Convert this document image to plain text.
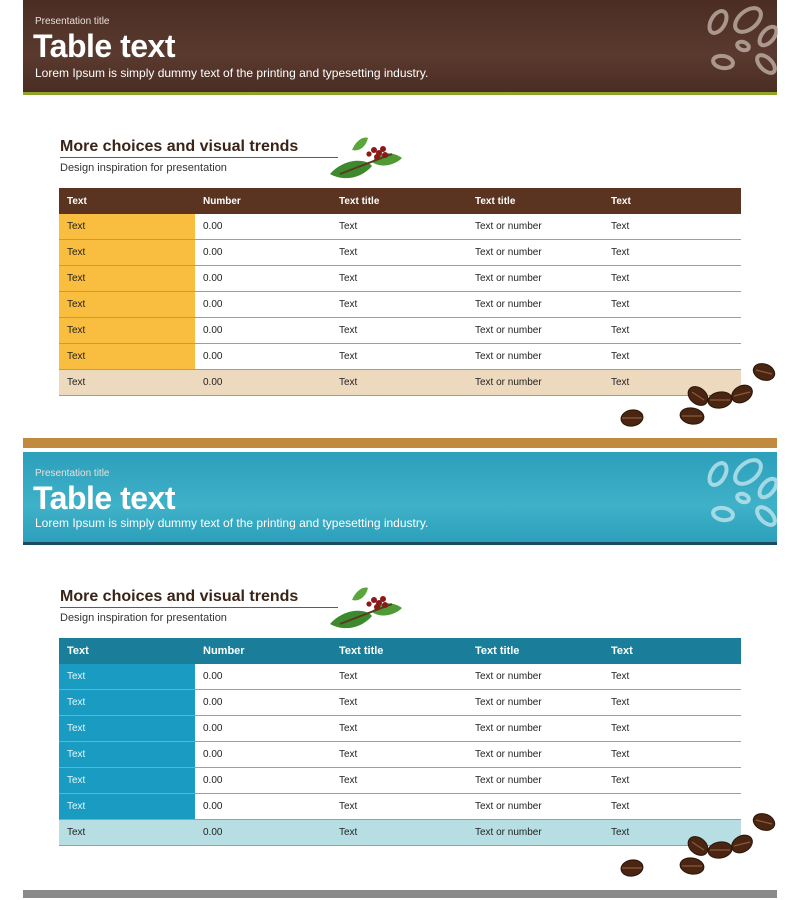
Presentation title
Table text
Lorem Ipsum is simply dummy text of the printing and typesetting industry.
More choices and visual trends
Design inspiration for presentation
Text	Number	Text title	Text title	Text
Text	0.00	Text	Text or number	Text
Text	0.00	Text	Text or number	Text
Text	0.00	Text	Text or number	Text
Text	0.00	Text	Text or number	Text
Text	0.00	Text	Text or number	Text
Text	0.00	Text	Text or number	Text
Text	0.00	Text	Text or number	Text
Presentation title
Table text
Lorem Ipsum is simply dummy text of the printing and typesetting industry.
More choices and visual trends
Design inspiration for presentation
Text	Number	Text title	Text title	Text
Text	0.00	Text	Text or number	Text
Text	0.00	Text	Text or number	Text
Text	0.00	Text	Text or number	Text
Text	0.00	Text	Text or number	Text
Text	0.00	Text	Text or number	Text
Text	0.00	Text	Text or number	Text
Text	0.00	Text	Text or number	Text
